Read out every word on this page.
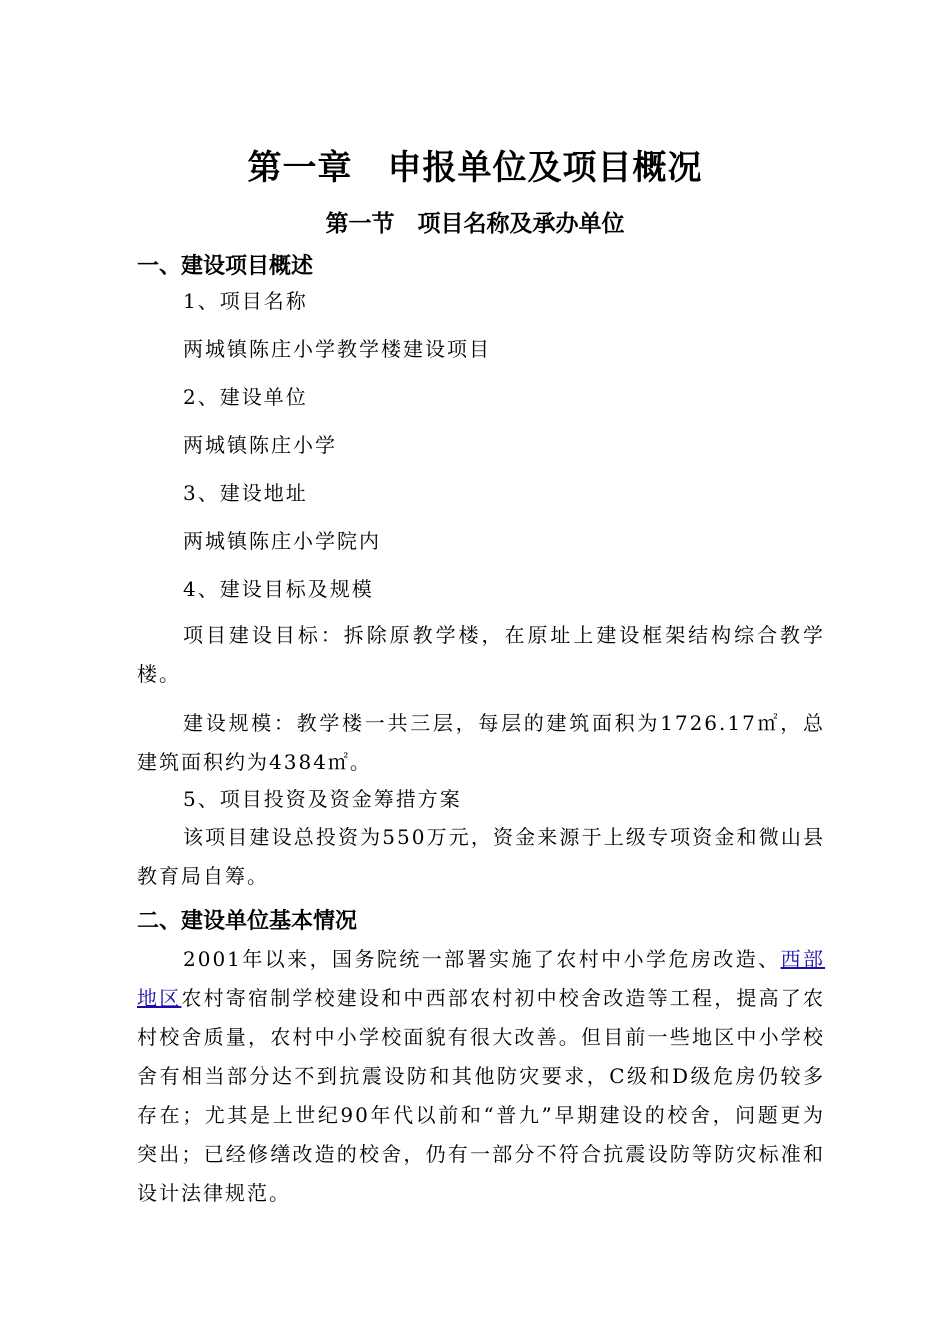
第一章　申报单位及项目概况
第一节　项目名称及承办单位
一、建设项目概述
1、项目名称
两城镇陈庄小学教学楼建设项目
2、建设单位
两城镇陈庄小学
3、建设地址
两城镇陈庄小学院内
4、建设目标及规模
项目建设目标：拆除原教学楼，在原址上建设框架结构综合教学楼。
建设规模：教学楼一共三层，每层的建筑面积为1726.17㎡，总建筑面积约为4384㎡。
5、项目投资及资金筹措方案
该项目建设总投资为550万元，资金来源于上级专项资金和微山县教育局自筹。
二、建设单位基本情况
2001年以来，国务院统一部署实施了农村中小学危房改造、西部地区农村寄宿制学校建设和中西部农村初中校舍改造等工程，提高了农村校舍质量，农村中小学校面貌有很大改善。但目前一些地区中小学校舍有相当部分达不到抗震设防和其他防灾要求，C级和D级危房仍较多存在；尤其是上世纪90年代以前和“普九”早期建设的校舍，问题更为突出；已经修缮改造的校舍，仍有一部分不符合抗震设防等防灾标准和设计法律规范。
